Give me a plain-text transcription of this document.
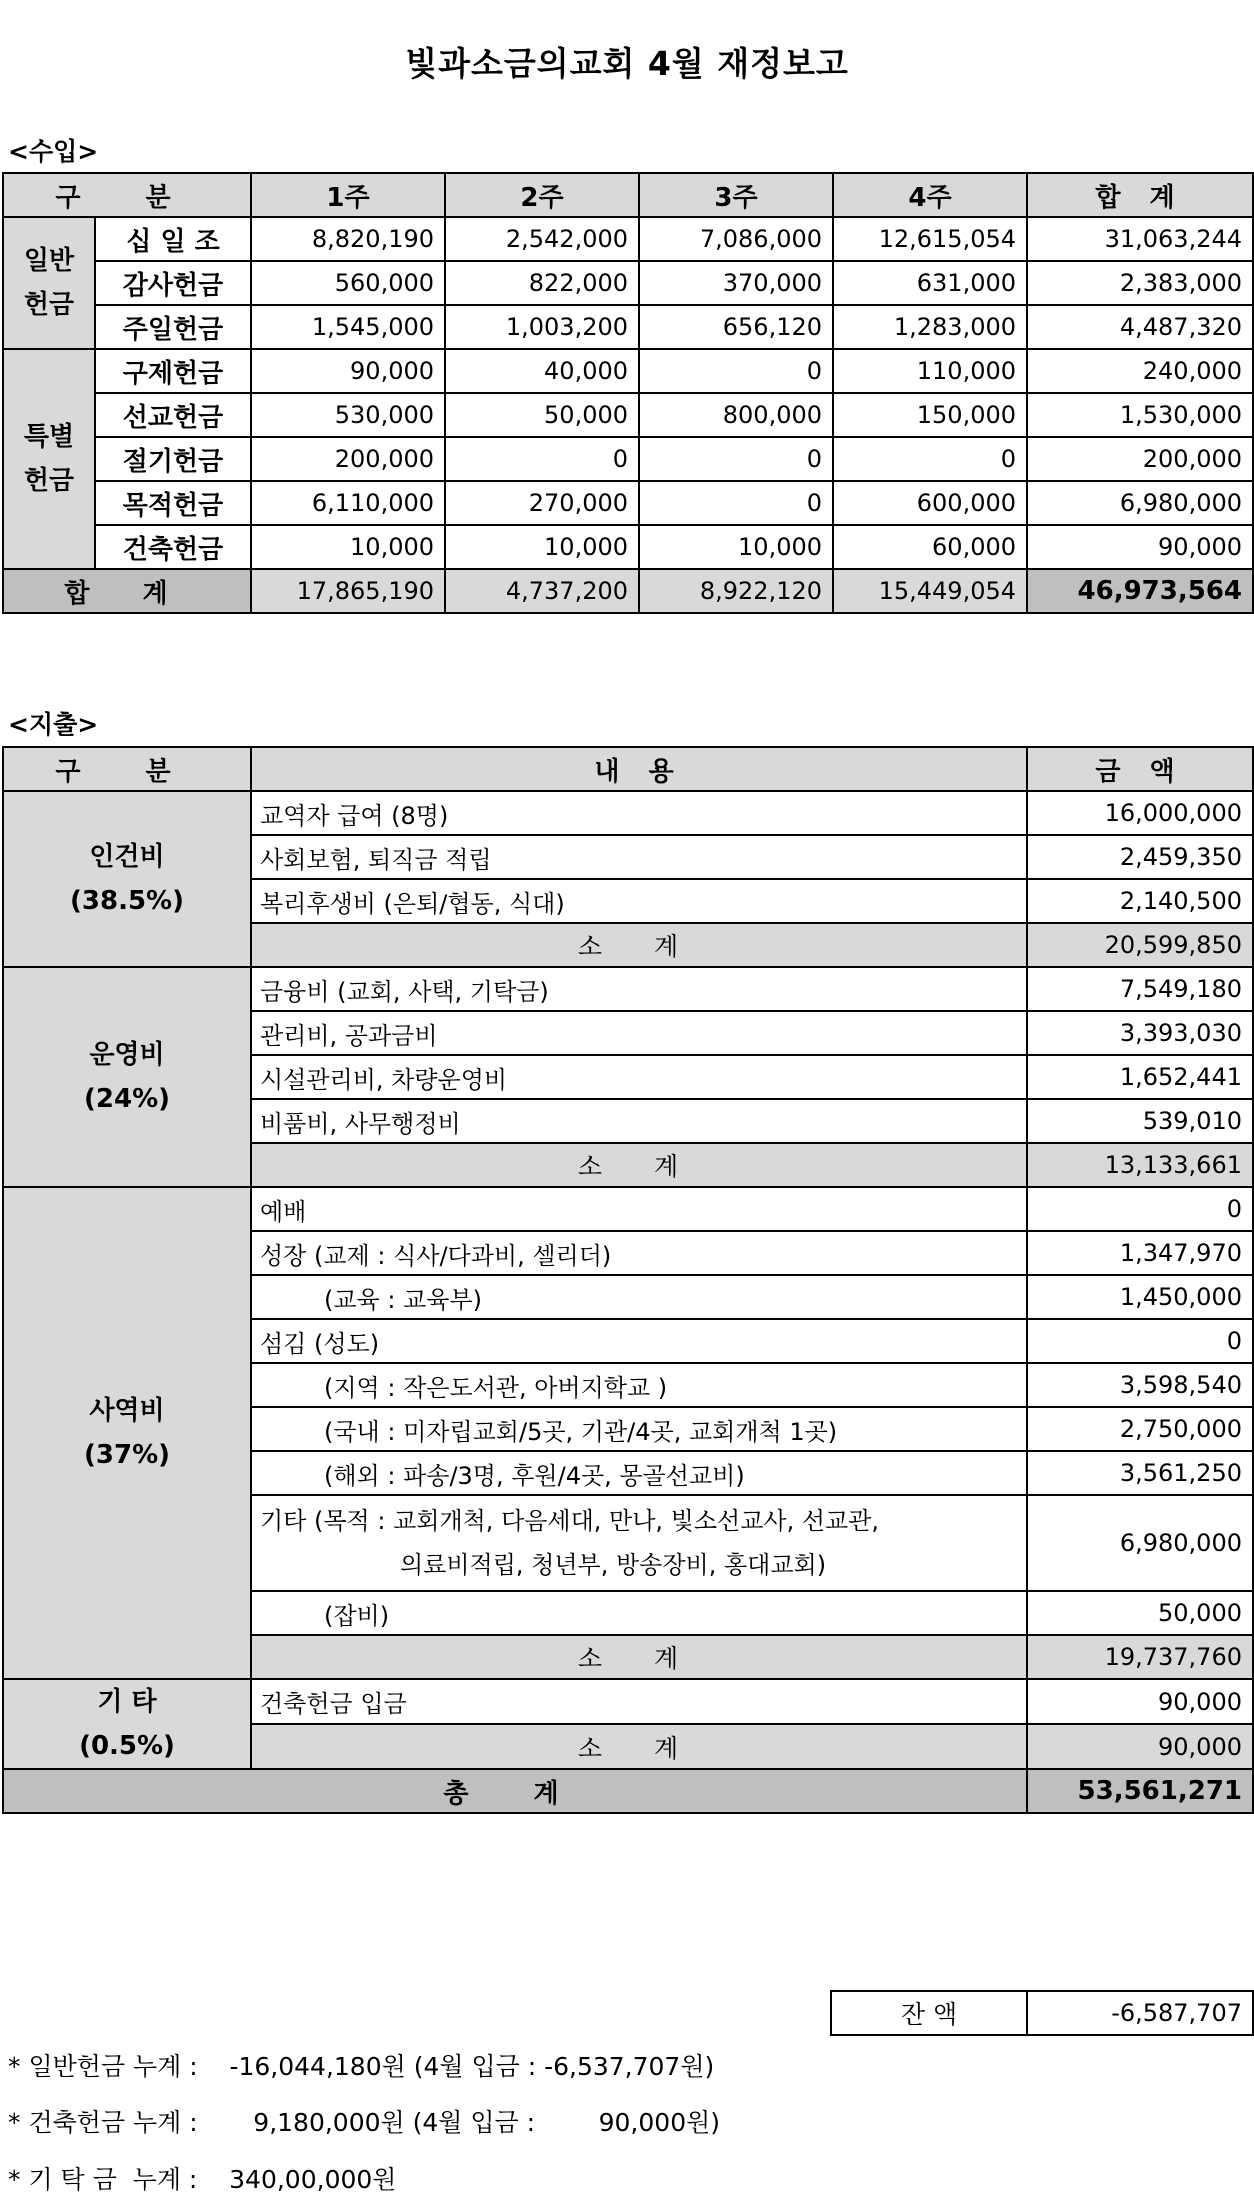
빛과소금의교회 4월 재정보고
<수입>
구 분		1주	2주	3주	4주	합 계

일반
헌금	십 일 조	8,820,190	2,542,000	7,086,000	12,615,054	31,063,244
	감사헌금	560,000	822,000	370,000	631,000	2,383,000
	주일헌금	1,545,000	1,003,200	656,120	1,283,000	4,487,320

특별
헌금	구제헌금	90,000	40,000	0	110,000	240,000
	선교헌금	530,000	50,000	800,000	150,000	1,530,000
	절기헌금	200,000	0	0	0	200,000
	목적헌금	6,110,000	270,000	0	600,000	6,980,000
	건축헌금	10,000	10,000	10,000	60,000	90,000
합 계		17,865,190	4,737,200	8,922,120	15,449,054	46,973,564
<지출>
구 분	내 용	금 액

인건비
(38.5%)	교역자 급여 (8명)	16,000,000
	사회보험, 퇴직금 적립	2,459,350
	복리후생비 (은퇴/협동, 식대)	2,140,500
	소 계	20,599,850

운영비
(24%)	금융비 (교회, 사택, 기탁금)	7,549,180
	관리비, 공과금비	3,393,030
	시설관리비, 차량운영비	1,652,441
	비품비, 사무행정비	539,010
	소 계	13,133,661

사역비
(37%)	예배	0
	성장 (교제 : 식사/다과비, 셀리더)	1,347,970
	(교육 : 교육부)	1,450,000
	섬김 (성도)	0
	(지역 : 작은도서관, 아버지학교 )	3,598,540
	(국내 : 미자립교회/5곳, 기관/4곳, 교회개척 1곳)	2,750,000
	(해외 : 파송/3명, 후원/4곳, 몽골선교비)	3,561,250

	기타 (목적 : 교회개척, 다음세대, 만나, 빛소선교사, 선교관,
의료비적립, 청년부, 방송장비, 홍대교회)	6,980,000
	(잡비)	50,000
	소 계	19,737,760

기 타
(0.5%)	건축헌금 입금	90,000
	소 계	90,000
총 계		53,561,271
잔 액	-6,587,707
* 일반헌금 누계 :    -16,044,180원 (4월 입금 : -6,537,707원)
* 건축헌금 누계 :       9,180,000원 (4월 입금 :        90,000원)
* 기 탁 금  누계 :    340,00,000원
